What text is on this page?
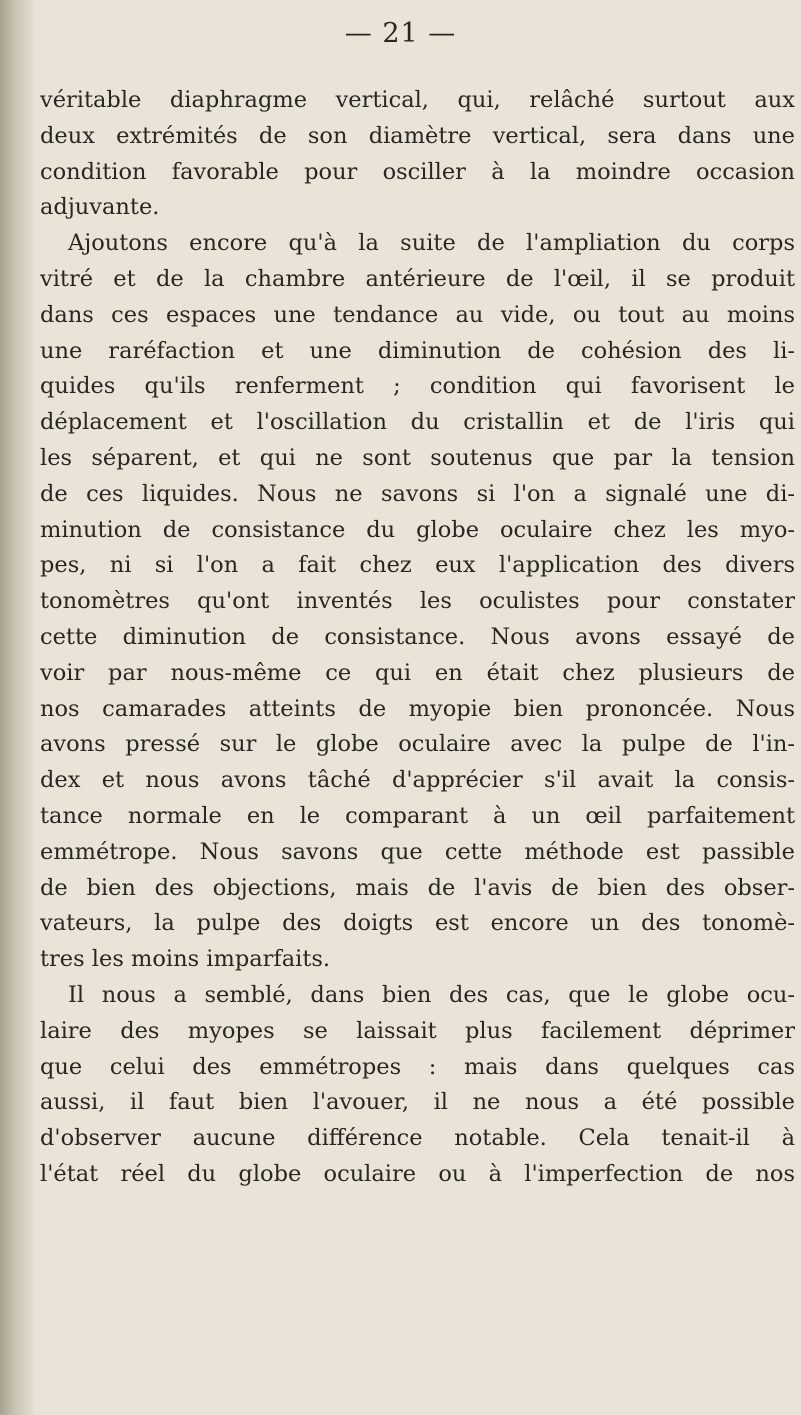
— 21 —
véritable diaphragme vertical, qui, relâché surtout aux
deux extrémités de son diamètre vertical, sera dans une
condition favorable pour osciller à la moindre occasion
adjuvante.
Ajoutons encore qu'à la suite de l'ampliation du corps
vitré et de la chambre antérieure de l'œil, il se produit
dans ces espaces une tendance au vide, ou tout au moins
une raréfaction et une diminution de cohésion des li-
quides qu'ils renferment ; condition qui favorisent le
déplacement et l'oscillation du cristallin et de l'iris qui
les séparent, et qui ne sont soutenus que par la tension
de ces liquides. Nous ne savons si l'on a signalé une di-
minution de consistance du globe oculaire chez les myo-
pes, ni si l'on a fait chez eux l'application des divers
tonomètres qu'ont inventés les oculistes pour constater
cette diminution de consistance. Nous avons essayé de
voir par nous-même ce qui en était chez plusieurs de
nos camarades atteints de myopie bien prononcée. Nous
avons pressé sur le globe oculaire avec la pulpe de l'in-
dex et nous avons tâché d'apprécier s'il avait la consis-
tance normale en le comparant à un œil parfaitement
emmétrope. Nous savons que cette méthode est passible
de bien des objections, mais de l'avis de bien des obser-
vateurs, la pulpe des doigts est encore un des tonomè-
tres les moins imparfaits.
Il nous a semblé, dans bien des cas, que le globe ocu-
laire des myopes se laissait plus facilement déprimer
que celui des emmétropes : mais dans quelques cas
aussi, il faut bien l'avouer, il ne nous a été possible
d'observer aucune différence notable. Cela tenait-il à
l'état réel du globe oculaire ou à l'imperfection de nos
